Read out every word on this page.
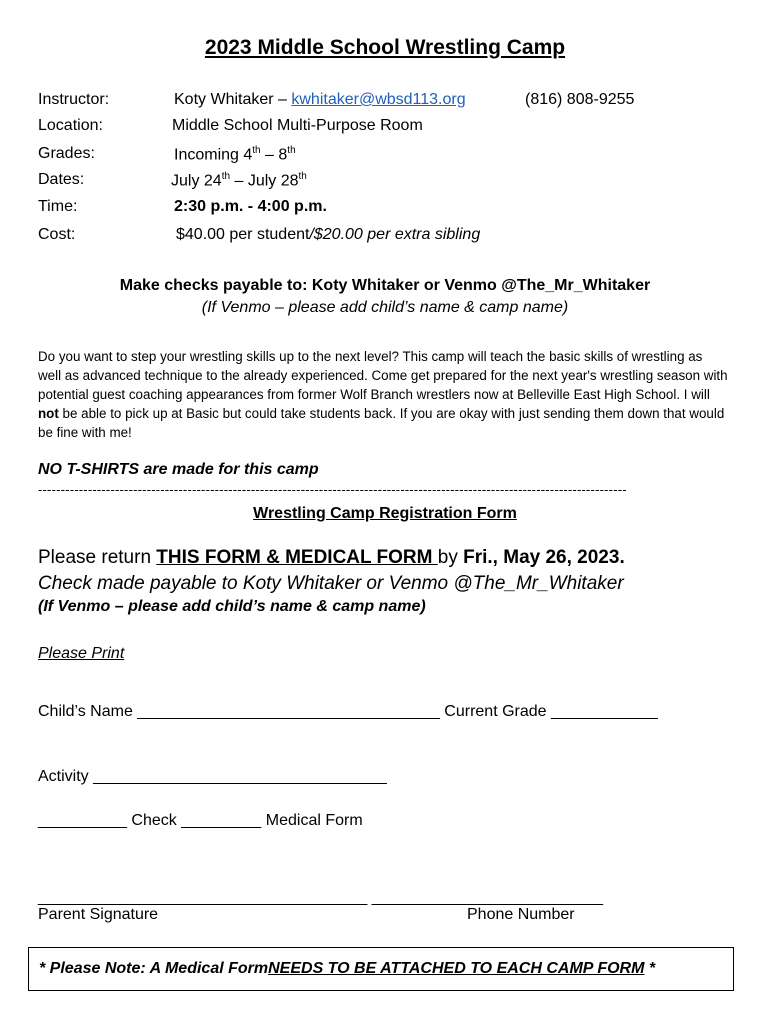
2023 Middle School Wrestling Camp
Instructor:	Koty Whitaker – kwhitaker@wbsd113.org	(816) 808-9255
Location:	Middle School Multi-Purpose Room
Grades:	Incoming 4th – 8th
Dates:	July 24th – July 28th
Time:	2:30 p.m. - 4:00 p.m.
Cost:	$40.00 per student/$20.00 per extra sibling
Make checks payable to: Koty Whitaker or Venmo @The_Mr_Whitaker
(If Venmo – please add child’s name & camp name)
Do you want to step your wrestling skills up to the next level? This camp will teach the basic skills of wrestling as well as advanced technique to the already experienced. Come get prepared for the next year's wrestling season with potential guest coaching appearances from former Wolf Branch wrestlers now at Belleville East High School. I will not be able to pick up at Basic but could take students back. If you are okay with just sending them down that would be fine with me!
NO T-SHIRTS are made for this camp
----------------------------------------------------------------------------------------------------------------------------------
Wrestling Camp Registration Form
Please return THIS FORM & MEDICAL FORM by Fri., May 26, 2023.
Check made payable to Koty Whitaker or Venmo @The_Mr_Whitaker
(If Venmo – please add child’s name & camp name)
Please Print
Child’s Name __________________________________ Current Grade ____________
Activity _________________________________
__________ Check _________ Medical Form
_____________________________________ __________________________
Parent Signature	Phone Number
* Please Note: A Medical Form NEEDS TO BE ATTACHED TO EACH CAMP FORM *
